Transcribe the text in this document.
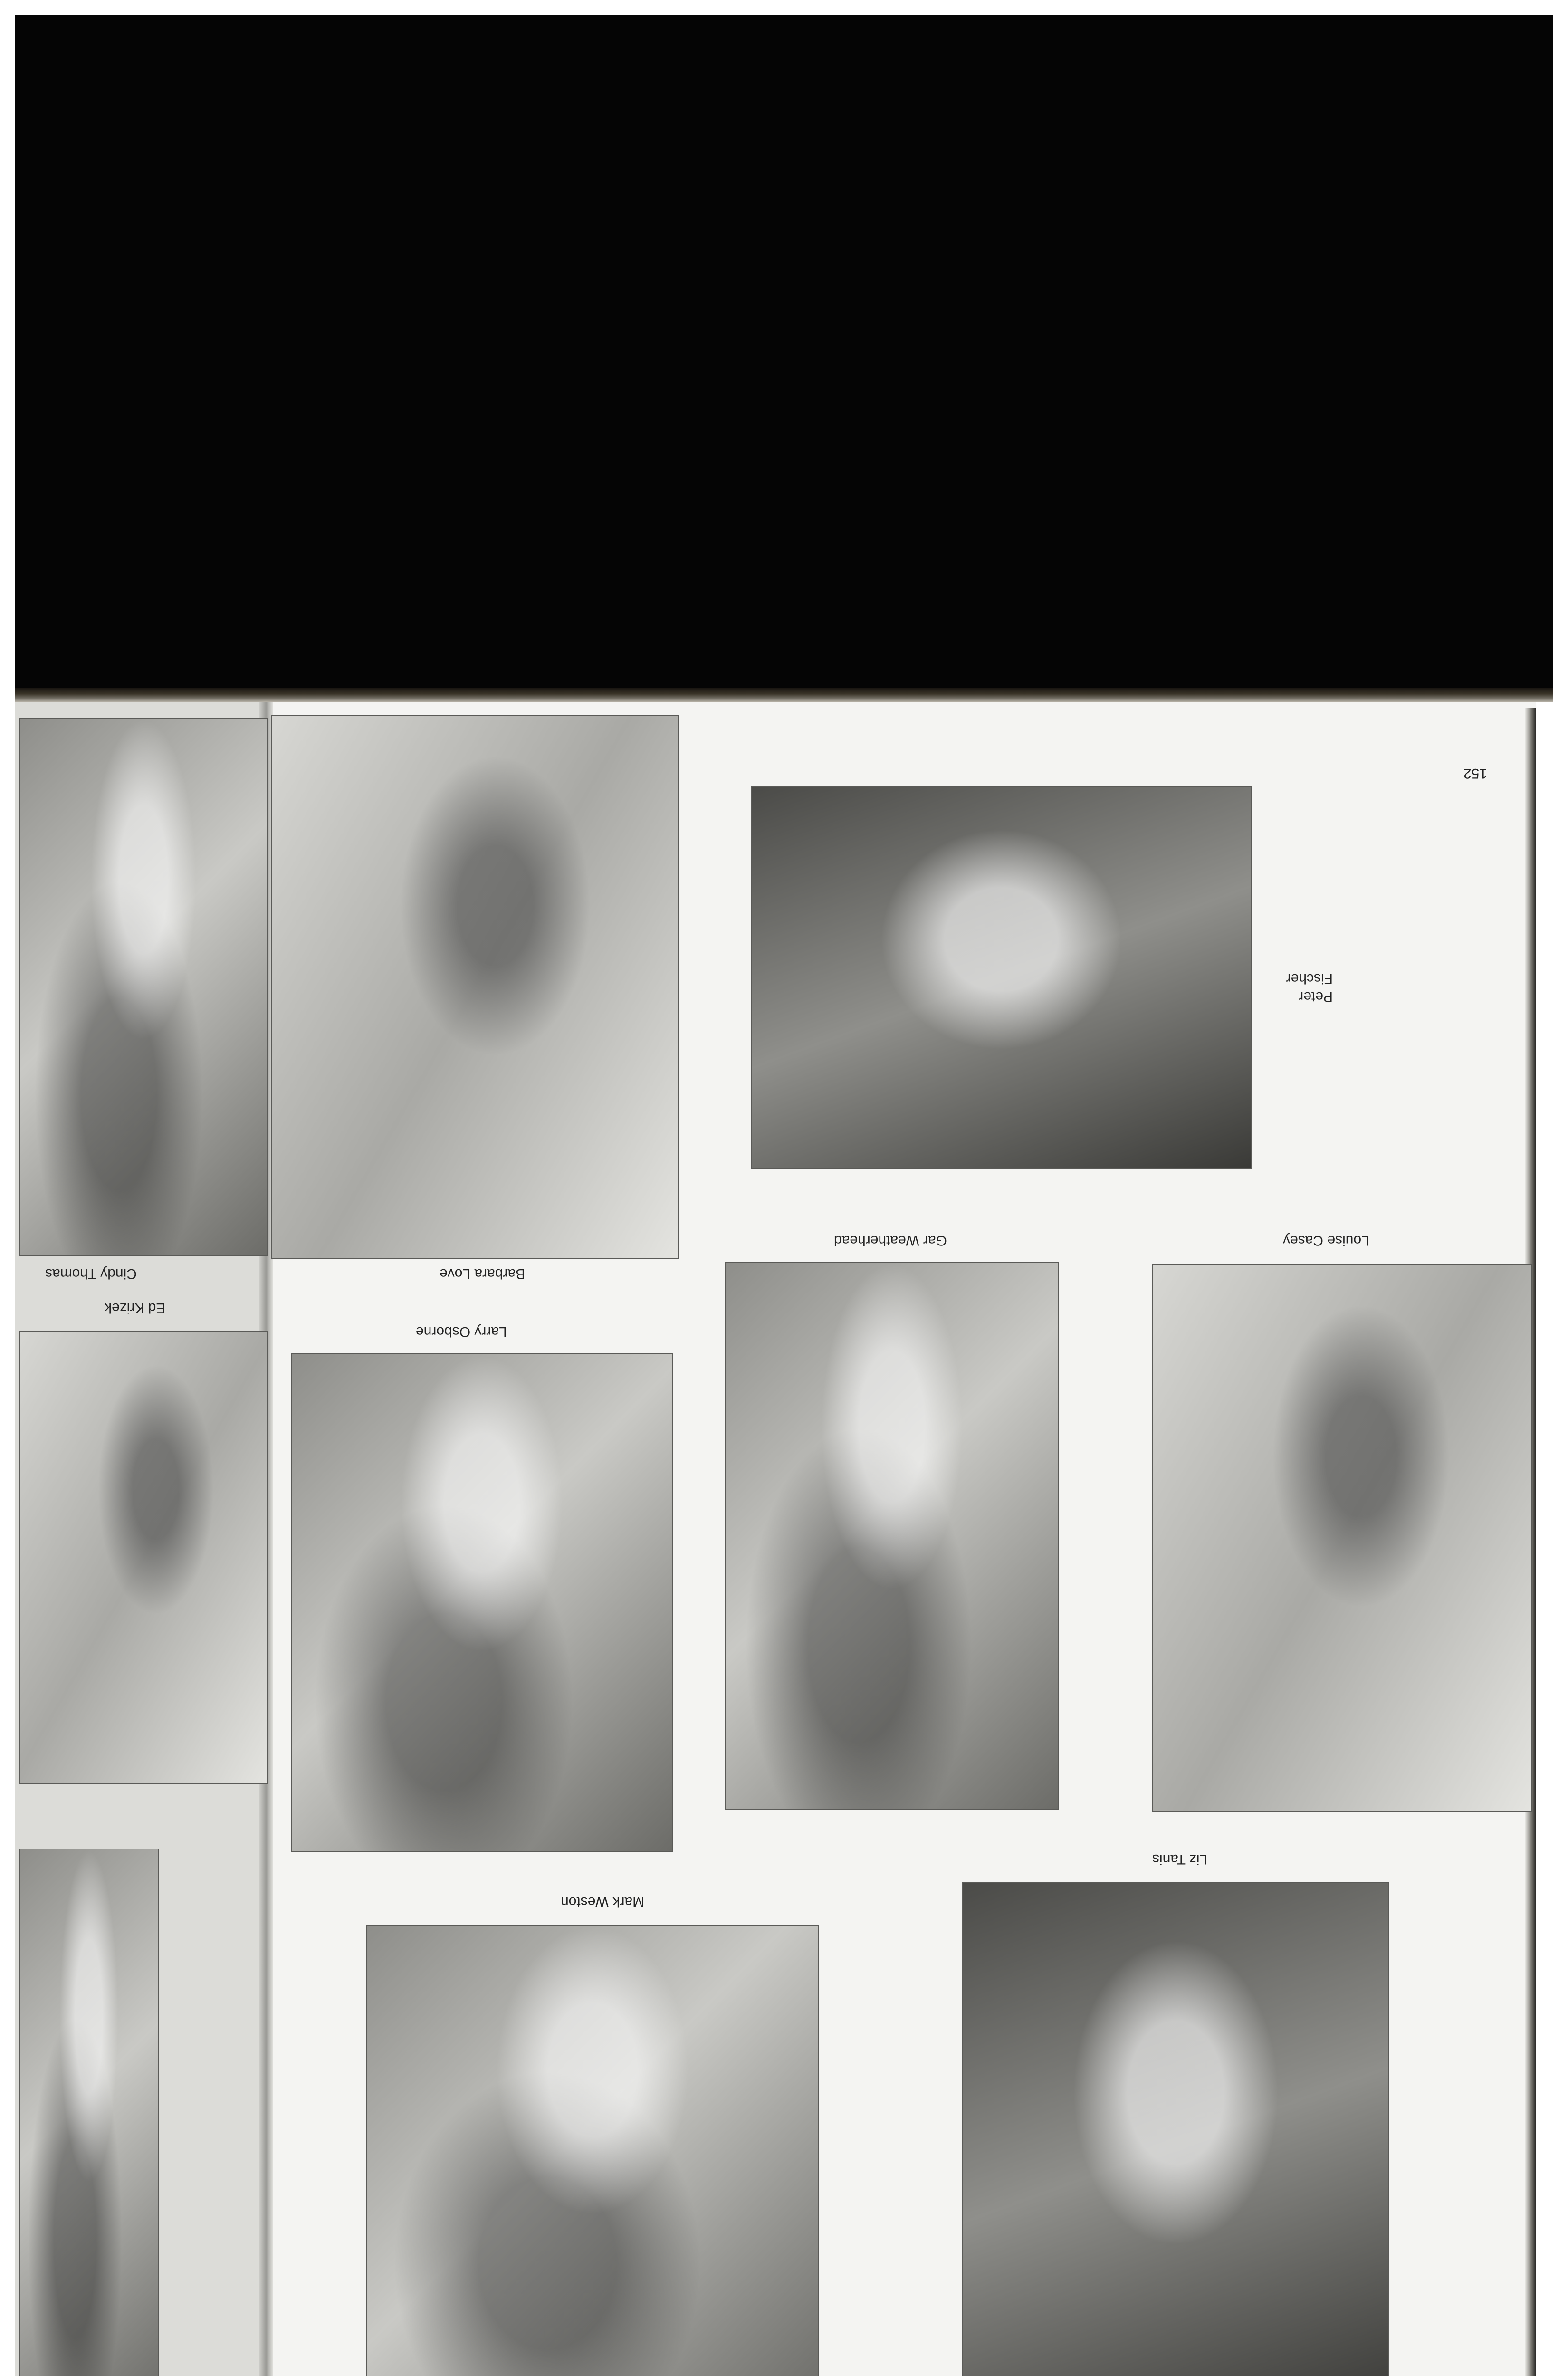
152

Peter Fischer

Louise Casey

Gar Weatherhead

Barbara Love

Cindy Thomas

Ed Krizek

Larry Osborne

Liz Tanis

Mark Weston
